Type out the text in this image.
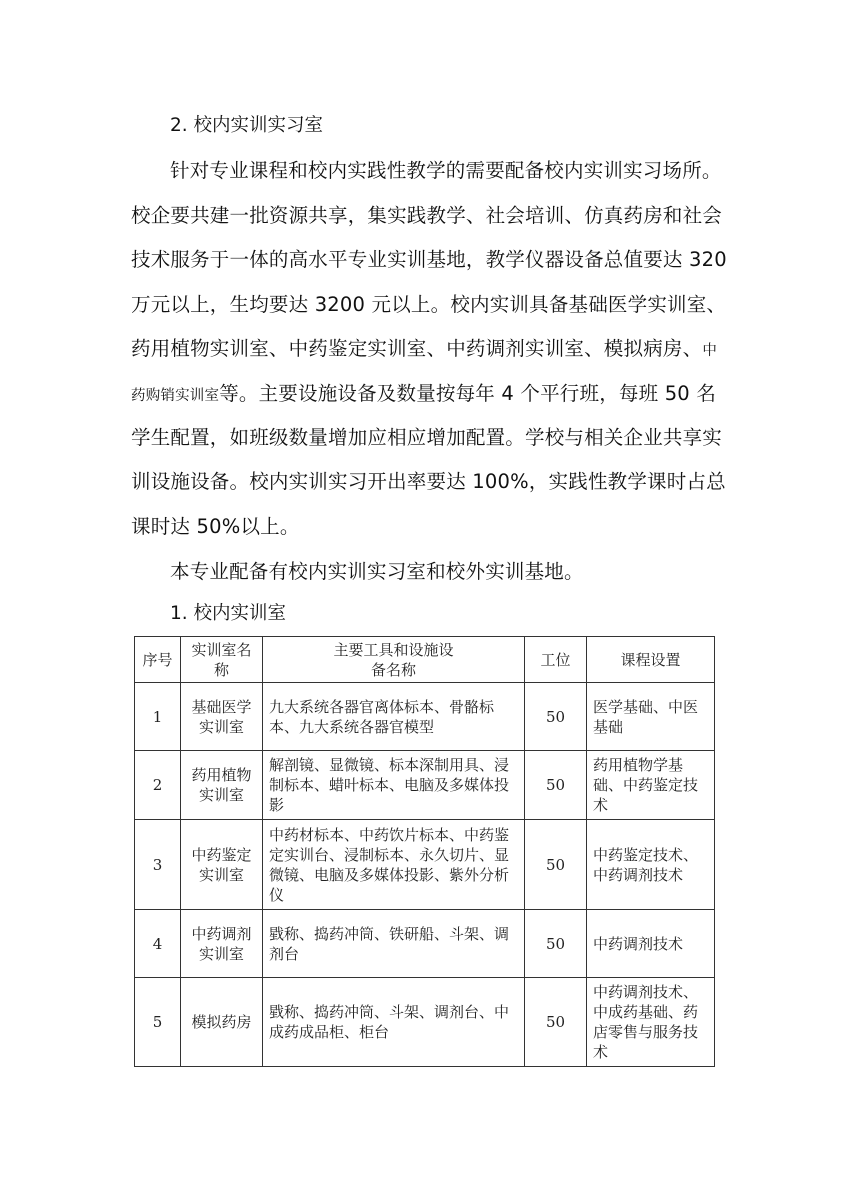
2. 校内实训实习室
针对专业课程和校内实践性教学的需要配备校内实训实习场所。
校企要共建一批资源共享，集实践教学、社会培训、仿真药房和社会
技术服务于一体的高水平专业实训基地，教学仪器设备总值要达 320
万元以上，生均要达 3200 元以上。校内实训具备基础医学实训室、
药用植物实训室、中药鉴定实训室、中药调剂实训室、模拟病房、中
药购销实训室等。主要设施设备及数量按每年 4 个平行班，每班 50 名
学生配置，如班级数量增加应相应增加配置。学校与相关企业共享实
训设施设备。校内实训实习开出率要达 100%，实践性教学课时占总
课时达 50%以上。
本专业配备有校内实训实习室和校外实训基地。
1. 校内实训室
序号	实训室名称	主要工具和设施设备名称	工位	课程设置
1	基础医学实训室	九大系统各器官离体标本、骨骼标本、九大系统各器官模型	50	医学基础、中医基础
2	药用植物实训室	解剖镜、显微镜、标本深制用具、浸制标本、蜡叶标本、电脑及多媒体投影	50	药用植物学基础、中药鉴定技术
3	中药鉴定实训室	中药材标本、中药饮片标本、中药鉴定实训台、浸制标本、永久切片、显微镜、电脑及多媒体投影、紫外分析仪	50	中药鉴定技术、中药调剂技术
4	中药调剂实训室	戥称、捣药冲筒、铁研船、斗架、调剂台	50	中药调剂技术
5	模拟药房	戥称、捣药冲筒、斗架、调剂台、中成药成品柜、柜台	50	中药调剂技术、中成药基础、药店零售与服务技术
